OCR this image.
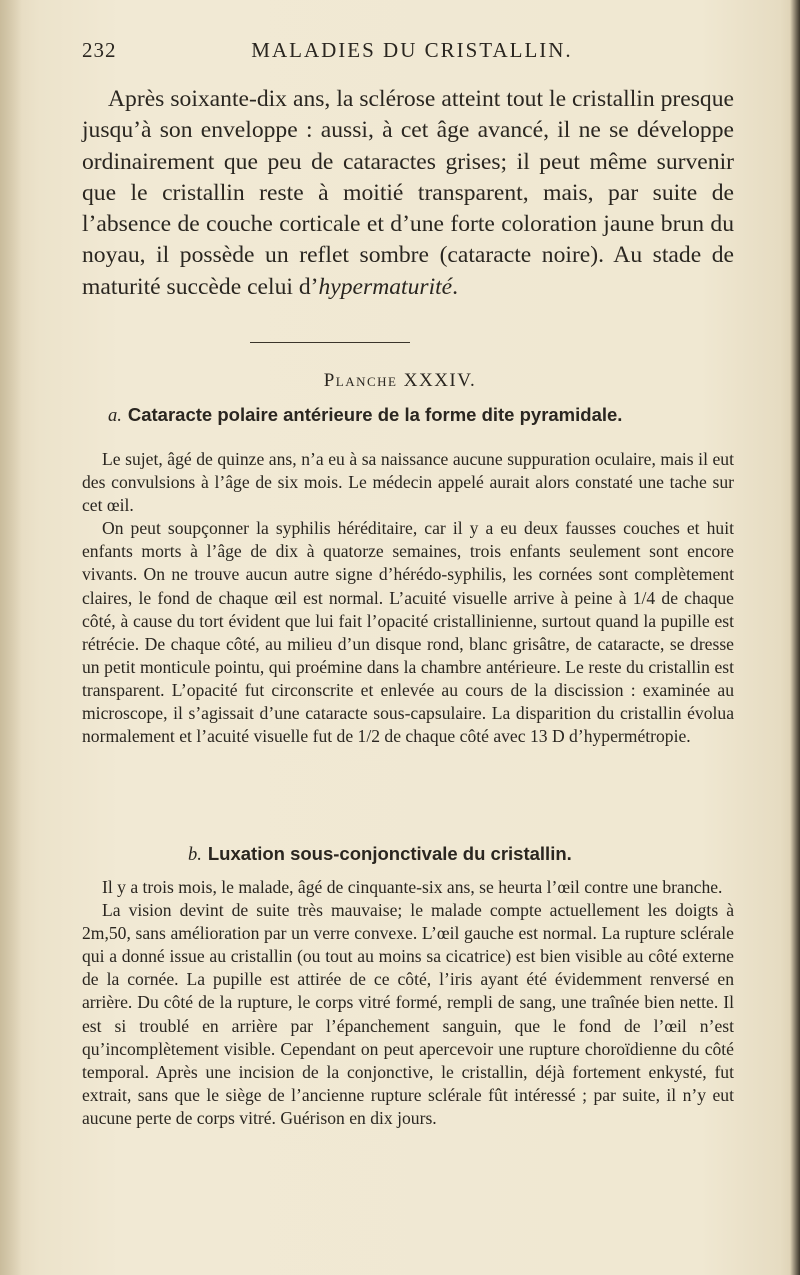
232	MALADIES DU CRISTALLIN.

Après soixante-dix ans, la sclérose atteint tout le cristallin presque jusqu’à son enveloppe : aussi, à cet âge avancé, il ne se développe ordinairement que peu de cataractes grises; il peut même survenir que le cristallin reste à moitié transparent, mais, par suite de l’absence de couche corticale et d’une forte coloration jaune brun du noyau, il possède un reflet sombre (cataracte noire). Au stade de maturité succède celui d’hypermaturité.

Planche XXXIV.
a. Cataracte polaire antérieure de la forme dite pyramidale.

Le sujet, âgé de quinze ans, n’a eu à sa naissance aucune suppuration oculaire, mais il eut des convulsions à l’âge de six mois. Le médecin appelé aurait alors constaté une tache sur cet œil.

On peut soupçonner la syphilis héréditaire, car il y a eu deux fausses couches et huit enfants morts à l’âge de dix à quatorze semaines, trois enfants seulement sont encore vivants. On ne trouve aucun autre signe d’hérédo-syphilis, les cornées sont complètement claires, le fond de chaque œil est normal. L’acuité visuelle arrive à peine à 1/4 de chaque côté, à cause du tort évident que lui fait l’opacité cristallinienne, surtout quand la pupille est rétrécie. De chaque côté, au milieu d’un disque rond, blanc grisâtre, de cataracte, se dresse un petit monticule pointu, qui proémine dans la chambre antérieure. Le reste du cristallin est transparent. L’opacité fut circonscrite et enlevée au cours de la discission : examinée au microscope, il s’agissait d’une cataracte sous-capsulaire. La disparition du cristallin évolua normalement et l’acuité visuelle fut de 1/2 de chaque côté avec 13 D d’hypermétropie.

b. Luxation sous-conjonctivale du cristallin.

Il y a trois mois, le malade, âgé de cinquante-six ans, se heurta l’œil contre une branche.

La vision devint de suite très mauvaise; le malade compte actuellement les doigts à 2m,50, sans amélioration par un verre convexe. L’œil gauche est normal. La rupture sclérale qui a donné issue au cristallin (ou tout au moins sa cicatrice) est bien visible au côté externe de la cornée. La pupille est attirée de ce côté, l’iris ayant été évidemment renversé en arrière. Du côté de la rupture, le corps vitré formé, rempli de sang, une traînée bien nette. Il est si troublé en arrière par l’épanchement sanguin, que le fond de l’œil n’est qu’incomplètement visible. Cependant on peut apercevoir une rupture choroïdienne du côté temporal. Après une incision de la conjonctive, le cristallin, déjà fortement enkysté, fut extrait, sans que le siège de l’ancienne rupture sclérale fût intéressé ; par suite, il n’y eut aucune perte de corps vitré. Guérison en dix jours.
